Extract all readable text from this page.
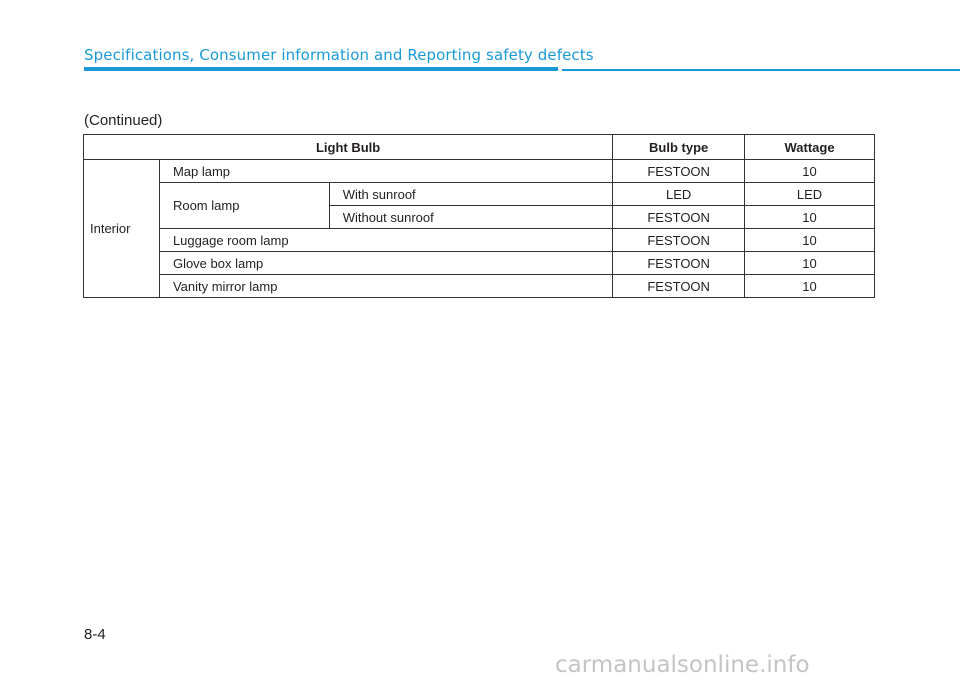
Specifications, Consumer information and Reporting safety defects
(Continued)
Light Bulb			Bulb type	Wattage
Interior	Map lamp		FESTOON	10
	Room lamp	With sunroof	LED	LED
		Without sunroof	FESTOON	10
	Luggage room lamp		FESTOON	10
	Glove box lamp		FESTOON	10
	Vanity mirror lamp		FESTOON	10
8-4
carmanualsonline.info
